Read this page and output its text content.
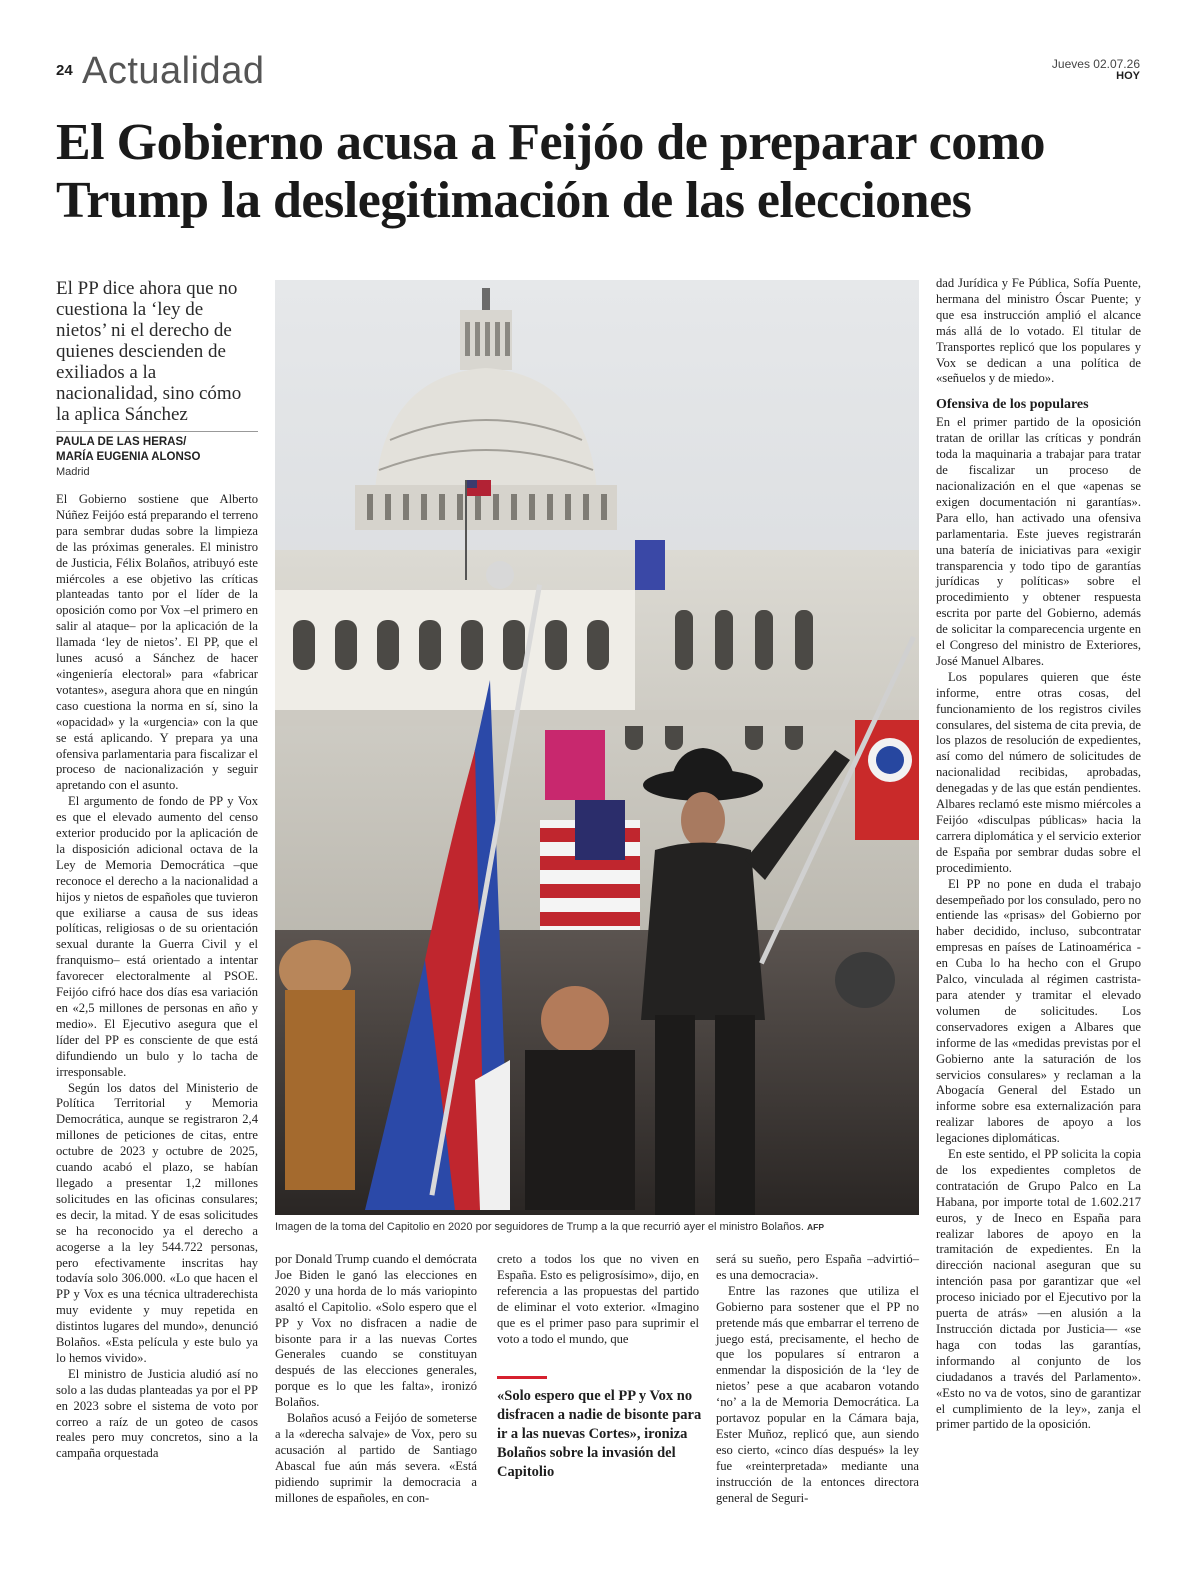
24 Actualidad	Jueves 02.07.26
HOY
El Gobierno acusa a Feijóo de preparar como
Trump la deslegitimación de las elecciones
El PP dice ahora que no cuestiona la ‘ley de nietos’ ni el derecho de quienes descienden de exiliados a la nacionalidad, sino cómo la aplica Sánchez
PAULA DE LAS HERAS/
MARÍA EUGENIA ALONSO
Madrid

El Gobierno sostiene que Alberto Núñez Feijóo está preparando el terreno para sembrar dudas sobre la limpieza de las próximas generales. El ministro de Justicia, Félix Bolaños, atribuyó este miércoles a ese objetivo las críticas planteadas tanto por el líder de la oposición como por Vox –el primero en salir al ataque– por la aplicación de la llamada ‘ley de nietos’. El PP, que el lunes acusó a Sánchez de hacer «ingeniería electoral» para «fabricar votantes», asegura ahora que en ningún caso cuestiona la norma en sí, sino la «opacidad» y la «urgencia» con la que se está aplicando. Y prepara ya una ofensiva parlamentaria para fiscalizar el proceso de nacionalización y seguir apretando con el asunto.

El argumento de fondo de PP y Vox es que el elevado aumento del censo exterior producido por la aplicación de la disposición adicional octava de la Ley de Memoria Democrática –que reconoce el derecho a la nacionalidad a hijos y nietos de españoles que tuvieron que exiliarse a causa de sus ideas políticas, religiosas o de su orientación sexual durante la Guerra Civil y el franquismo– está orientado a intentar favorecer electoralmente al PSOE. Feijóo cifró hace dos días esa variación en «2,5 millones de personas en año y medio». El Ejecutivo asegura que el líder del PP es consciente de que está difundiendo un bulo y lo tacha de irresponsable.

Según los datos del Ministerio de Política Territorial y Memoria Democrática, aunque se registraron 2,4 millones de peticiones de citas, entre octubre de 2023 y octubre de 2025, cuando acabó el plazo, se habían llegado a presentar 1,2 millones solicitudes en las oficinas consulares; es decir, la mitad. Y de esas solicitudes se ha reconocido ya el derecho a acogerse a la ley 544.722 personas, pero efectivamente inscritas hay todavía solo 306.000. «Lo que hacen el PP y Vox es una técnica ultraderechista muy evidente y muy repetida en distintos lugares del mundo», denunció Bolaños. «Esta película y este bulo ya lo hemos vivido».

El ministro de Justicia aludió así no solo a las dudas planteadas ya por el PP en 2023 sobre el sistema de voto por correo a raíz de un goteo de casos reales pero muy concretos, sino a la campaña orquestada

Imagen de la toma del Capitolio en 2020 por seguidores de Trump a la que recurrió ayer el ministro Bolaños. AFP

por Donald Trump cuando el demócrata Joe Biden le ganó las elecciones en 2020 y una horda de lo más variopinto asaltó el Capitolio. «Solo espero que el PP y Vox no disfracen a nadie de bisonte para ir a las nuevas Cortes Generales cuando se constituyan después de las elecciones generales, porque es lo que les falta», ironizó Bolaños.

Bolaños acusó a Feijóo de someterse a la «derecha salvaje» de Vox, pero su acusación al partido de Santiago Abascal fue aún más severa. «Está pidiendo suprimir la democracia a millones de españoles, en con-

creto a todos los que no viven en España. Esto es peligrosísimo», dijo, en referencia a las propuestas del partido de eliminar el voto exterior. «Imagino que es el primer paso para suprimir el voto a todo el mundo, que

«Solo espero que el PP y Vox no disfracen a nadie de bisonte para ir a las nuevas Cortes», ironiza Bolaños sobre la invasión del Capitolio

será su sueño, pero España –advirtió– es una democracia».

Entre las razones que utiliza el Gobierno para sostener que el PP no pretende más que embarrar el terreno de juego está, precisamente, el hecho de que los populares sí entraron a enmendar la disposición de la ‘ley de nietos’ pese a que acabaron votando ‘no’ a la de Memoria Democrática. La portavoz popular en la Cámara baja, Ester Muñoz, replicó que, aun siendo eso cierto, «cinco días después» la ley fue «reinterpretada» mediante una instrucción de la entonces directora general de Seguri-

dad Jurídica y Fe Pública, Sofía Puente, hermana del ministro Óscar Puente; y que esa instrucción amplió el alcance más allá de lo votado. El titular de Transportes replicó que los populares y Vox se dedican a una política de «señuelos y de miedo».

Ofensiva de los populares

En el primer partido de la oposición tratan de orillar las críticas y pondrán toda la maquinaria a trabajar para tratar de fiscalizar un proceso de nacionalización en el que «apenas se exigen documentación ni garantías». Para ello, han activado una ofensiva parlamentaria. Este jueves registrarán una batería de iniciativas para «exigir transparencia y todo tipo de garantías jurídicas y políticas» sobre el procedimiento y obtener respuesta escrita por parte del Gobierno, además de solicitar la comparecencia urgente en el Congreso del ministro de Exteriores, José Manuel Albares.

Los populares quieren que éste informe, entre otras cosas, del funcionamiento de los registros civiles consulares, del sistema de cita previa, de los plazos de resolución de expedientes, así como del número de solicitudes de nacionalidad recibidas, aprobadas, denegadas y de las que están pendientes. Albares reclamó este mismo miércoles a Feijóo «disculpas públicas» hacia la carrera diplomática y el servicio exterior de España por sembrar dudas sobre el procedimiento.

El PP no pone en duda el trabajo desempeñado por los consulado, pero no entiende las «prisas» del Gobierno por haber decidido, incluso, subcontratar empresas en países de Latinoamérica -en Cuba lo ha hecho con el Grupo Palco, vinculada al régimen castrista- para atender y tramitar el elevado volumen de solicitudes. Los conservadores exigen a Albares que informe de las «medidas previstas por el Gobierno ante la saturación de los servicios consulares» y reclaman a la Abogacía General del Estado un informe sobre esa externalización para realizar labores de apoyo a los legaciones diplomáticas.

En este sentido, el PP solicita la copia de los expedientes completos de contratación de Grupo Palco en La Habana, por importe total de 1.602.217 euros, y de Ineco en España para realizar labores de apoyo en la tramitación de expedientes. En la dirección nacional aseguran que su intención pasa por garantizar que «el proceso iniciado por el Ejecutivo por la puerta de atrás» —en alusión a la Instrucción dictada por Justicia— «se haga con todas las garantías, informando al conjunto de los ciudadanos a través del Parlamento». «Esto no va de votos, sino de garantizar el cumplimiento de la ley», zanja el primer partido de la oposición.
